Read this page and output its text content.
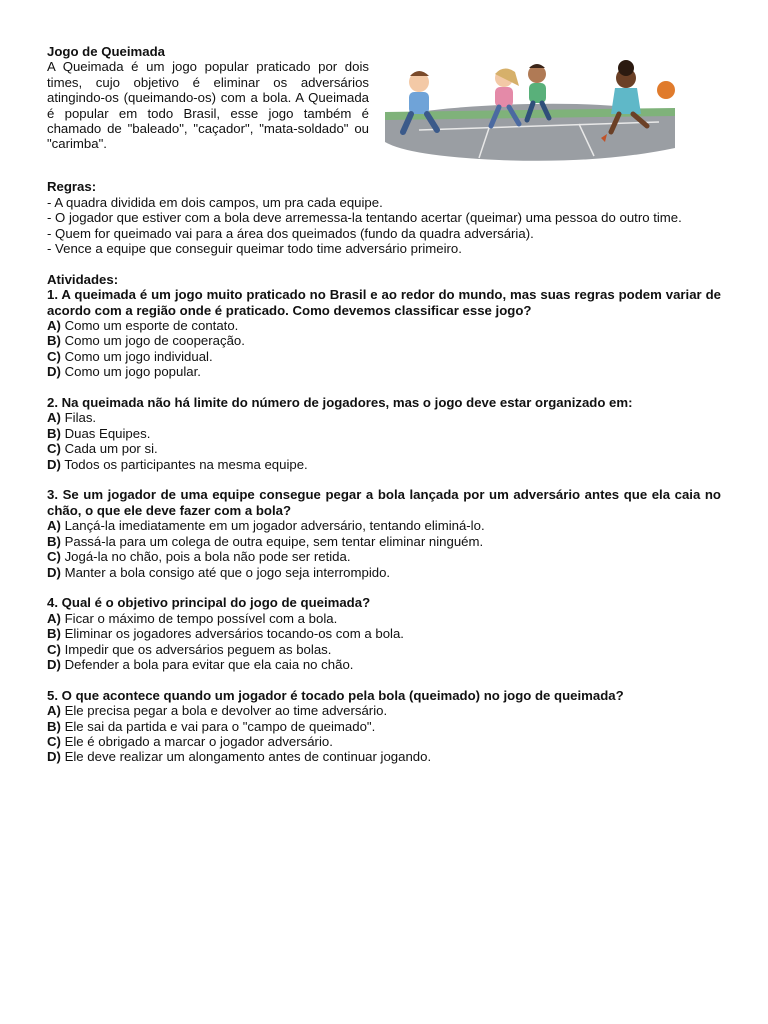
Jogo de Queimada

A Queimada é um jogo popular praticado por dois times, cujo objetivo é eliminar os adversários atingindo-os (queimando-os) com a bola. A Queimada é popular em todo Brasil, esse jogo também é chamado de "baleado", "caçador", "mata-soldado" ou "carimba".

Regras:

- A quadra dividida em dois campos, um pra cada equipe.

- O jogador que estiver com a bola deve arremessa-la tentando acertar (queimar) uma pessoa do outro time.

- Quem for queimado vai para a área dos queimados (fundo da quadra adversária).

- Vence a equipe que conseguir queimar todo time adversário primeiro.

Atividades:

1. A queimada é um jogo muito praticado no Brasil e ao redor do mundo, mas suas regras podem variar de acordo com a região onde é praticado. Como devemos classificar esse jogo?

A) Como um esporte de contato.

B) Como um jogo de cooperação.

C) Como um jogo individual.

D) Como um jogo popular.

2. Na queimada não há limite do número de jogadores, mas o jogo deve estar organizado em:

A) Filas.

B) Duas Equipes.

C) Cada um por si.

D) Todos os participantes na mesma equipe.

3. Se um jogador de uma equipe consegue pegar a bola lançada por um adversário antes que ela caia no chão, o que ele deve fazer com a bola?

A) Lançá-la imediatamente em um jogador adversário, tentando eliminá-lo.

B) Passá-la para um colega de outra equipe, sem tentar eliminar ninguém.

C) Jogá-la no chão, pois a bola não pode ser retida.

D) Manter a bola consigo até que o jogo seja interrompido.

4. Qual é o objetivo principal do jogo de queimada?

A) Ficar o máximo de tempo possível com a bola.

B) Eliminar os jogadores adversários tocando-os com a bola.

C) Impedir que os adversários peguem as bolas.

D) Defender a bola para evitar que ela caia no chão.

5. O que acontece quando um jogador é tocado pela bola (queimado) no jogo de queimada?

A) Ele precisa pegar a bola e devolver ao time adversário.

B) Ele sai da partida e vai para o "campo de queimado".

C) Ele é obrigado a marcar o jogador adversário.

D) Ele deve realizar um alongamento antes de continuar jogando.
